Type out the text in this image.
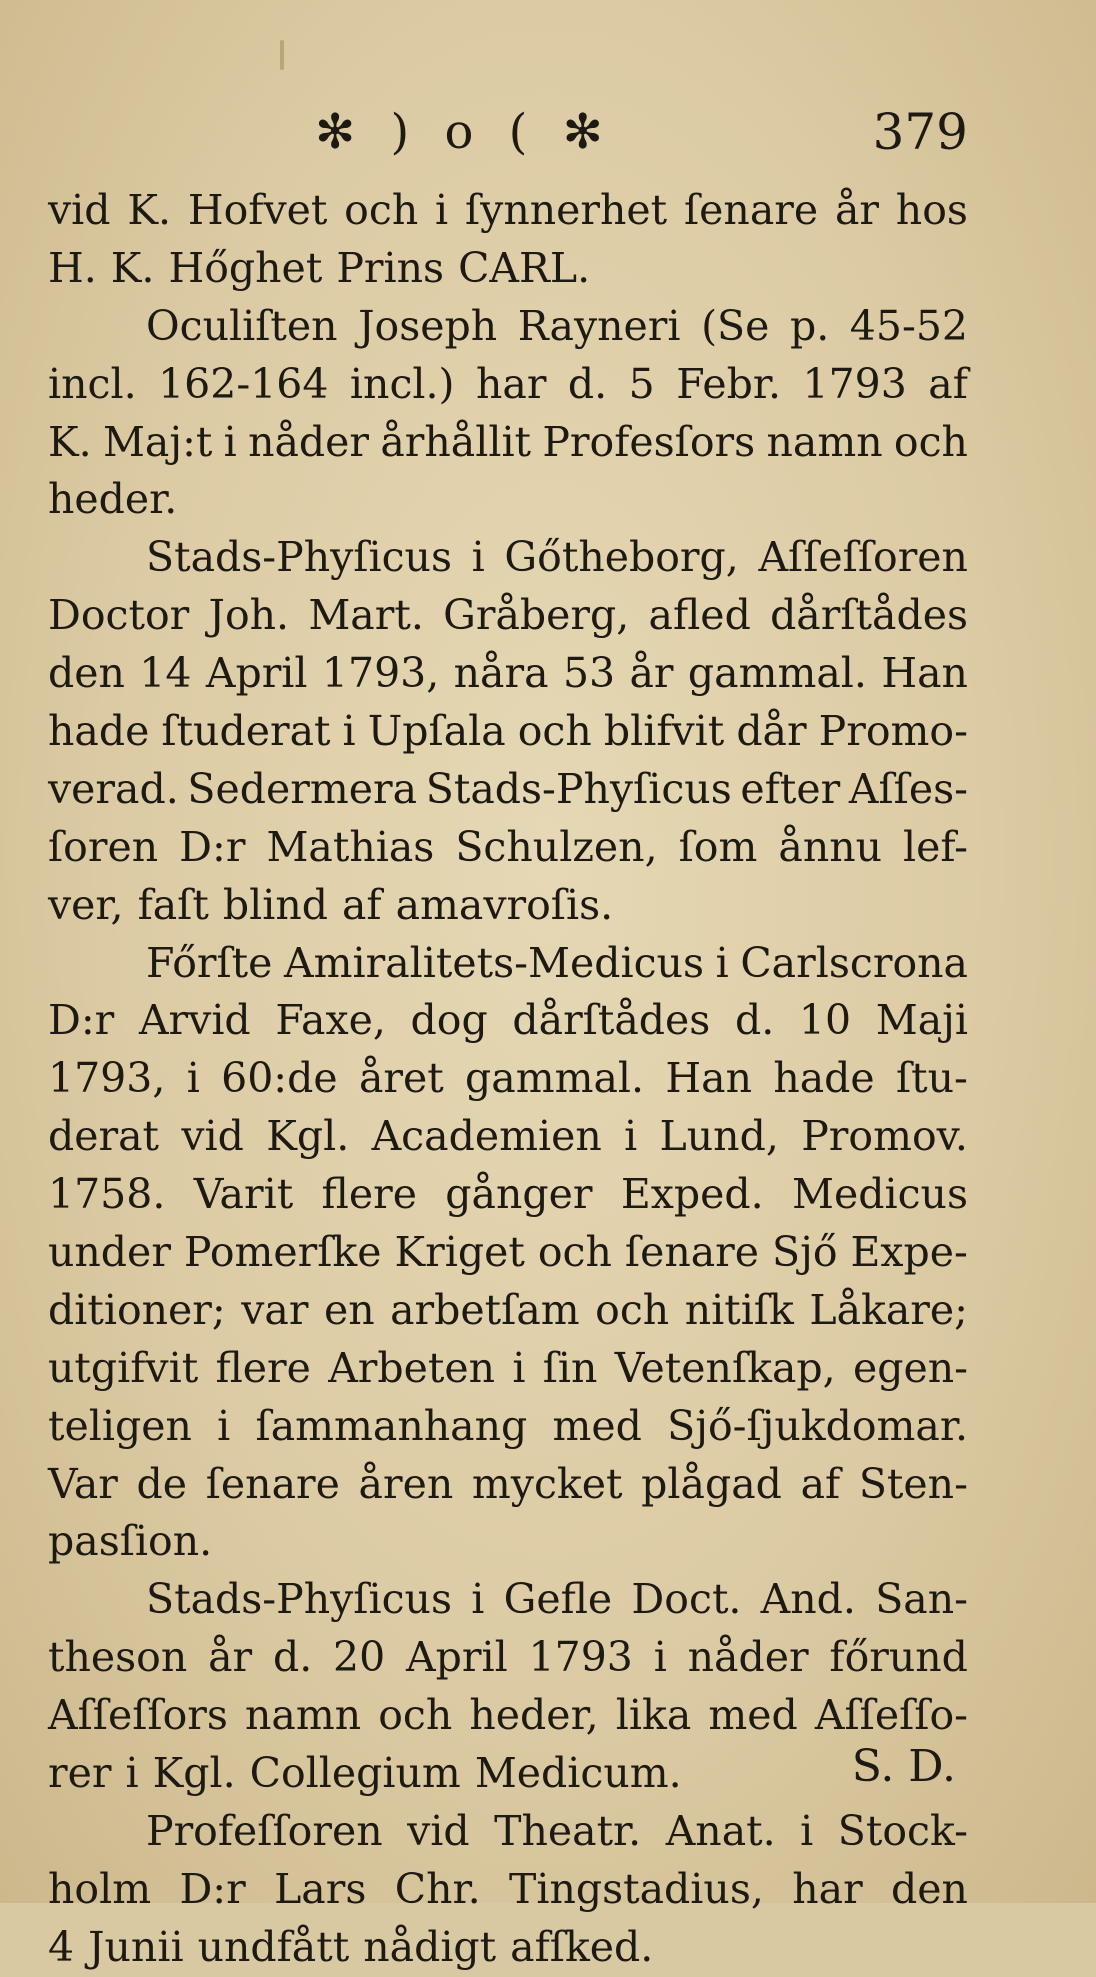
✻ ) o ( ✻	379
vid K. Hofvet och i ſynnerhet ſenare år hos
H. K. Hőghet Prins CARL.
Oculiſten Joseph Rayneri (Se p. 45-52
incl. 162-164 incl.) har d. 5 Febr. 1793 af
K. Maj:t i nåder århållit Profesſors namn och
heder.
Stads-Phyſicus i Gőtheborg, Aſſeſſoren
Doctor Joh. Mart. Gråberg, afled dårſtådes
den 14 April 1793, nåra 53 år gammal. Han
hade ſtuderat i Upſala och blifvit dår Promo-
verad. Sedermera Stads-Phyſicus efter Aſſes-
ſoren D:r Mathias Schulzen, ſom ånnu lef-
ver, faſt blind af amavroſis.
Főrſte Amiralitets-Medicus i Carlscrona
D:r Arvid Faxe, dog dårſtådes d. 10 Maji
1793, i 60:de året gammal. Han hade ſtu-
derat vid Kgl. Academien i Lund, Promov.
1758. Varit flere gånger Exped. Medicus
under Pomerſke Kriget och ſenare Sjő Expe-
ditioner; var en arbetſam och nitiſk Låkare;
utgifvit flere Arbeten i ſin Vetenſkap, egen-
teligen i ſammanhang med Sjő-ſjukdomar.
Var de ſenare åren mycket plågad af Sten-
pasſion.
Stads-Phyſicus i Gefle Doct. And. San-
theson år d. 20 April 1793 i nåder főrund
Aſſeſſors namn och heder, lika med Aſſeſſo-
rer i Kgl. Collegium Medicum.
Profeſſoren vid Theatr. Anat. i Stock-
holm D:r Lars Chr. Tingstadius, har den
4 Junii undfått nådigt afſked.
S. D.
